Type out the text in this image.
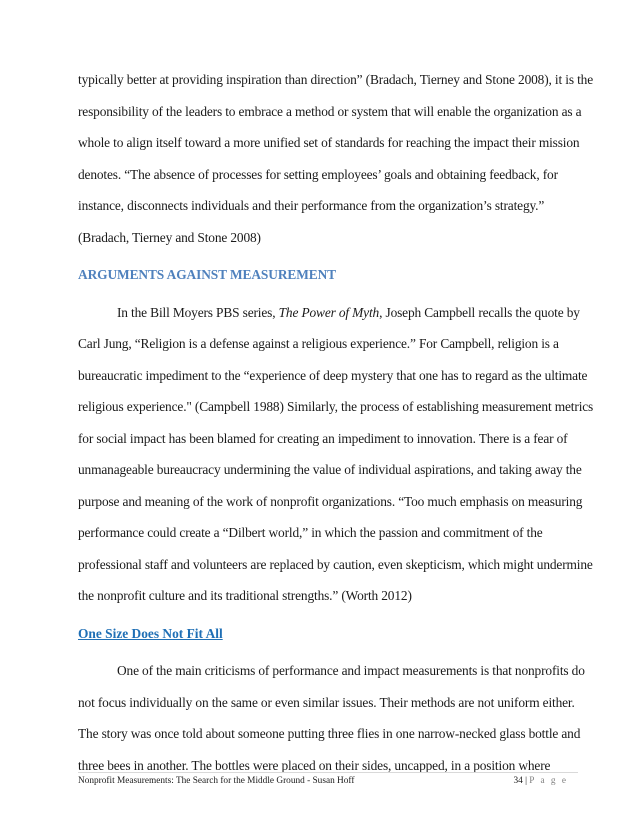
typically better at providing inspiration than direction” (Bradach, Tierney and Stone 2008), it is the
responsibility of the leaders to embrace a method or system that will enable the organization as a
whole to align itself toward a more unified set of standards for reaching the impact their mission
denotes. “The absence of processes for setting employees’ goals and obtaining feedback, for
instance, disconnects individuals and their performance from the organization’s strategy.”
(Bradach, Tierney and Stone 2008)
ARGUMENTS AGAINST MEASUREMENT
In the Bill Moyers PBS series, The Power of Myth, Joseph Campbell recalls the quote by
Carl Jung, “Religion is a defense against a religious experience.” For Campbell, religion is a
bureaucratic impediment to the “experience of deep mystery that one has to regard as the ultimate
religious experience." (Campbell 1988) Similarly, the process of establishing measurement metrics
for social impact has been blamed for creating an impediment to innovation. There is a fear of
unmanageable bureaucracy undermining the value of individual aspirations, and taking away the
purpose and meaning of the work of nonprofit organizations. “Too much emphasis on measuring
performance could create a “Dilbert world,” in which the passion and commitment of the
professional staff and volunteers are replaced by caution, even skepticism, which might undermine
the nonprofit culture and its traditional strengths.” (Worth 2012)
One Size Does Not Fit All
One of the main criticisms of performance and impact measurements is that nonprofits do
not focus individually on the same or even similar issues. Their methods are not uniform either.
The story was once told about someone putting three flies in one narrow-necked glass bottle and
three bees in another. The bottles were placed on their sides, uncapped, in a position where
Nonprofit Measurements: The Search for the Middle Ground - Susan Hoff	34 | P a g e
